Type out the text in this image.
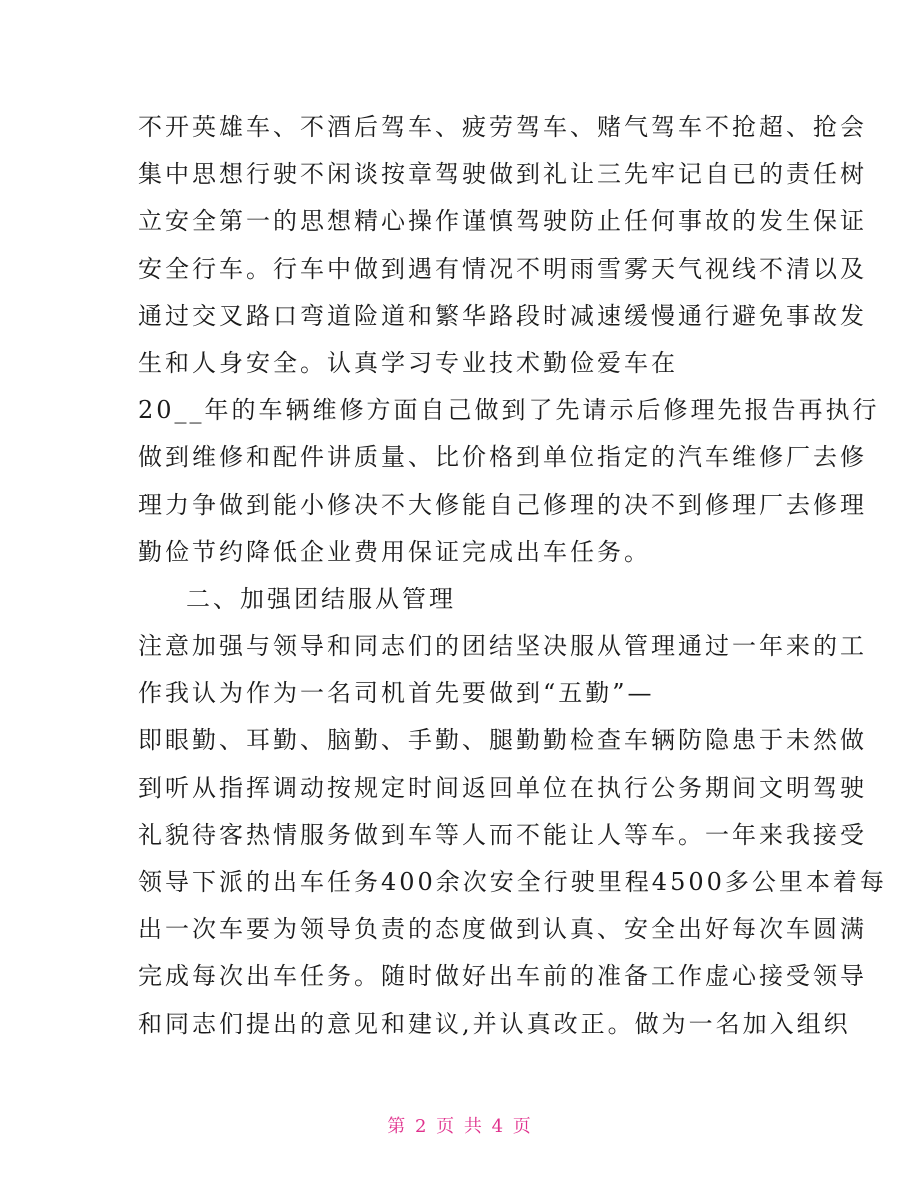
不开英雄车、不酒后驾车、疲劳驾车、赌气驾车不抢超、抢会
集中思想行驶不闲谈按章驾驶做到礼让三先牢记自已的责任树
立安全第一的思想精心操作谨慎驾驶防止任何事故的发生保证
安全行车。行车中做到遇有情况不明雨雪雾天气视线不清以及
通过交叉路口弯道险道和繁华路段时减速缓慢通行避免事故发
生和人身安全。认真学习专业技术勤俭爱车在
20__年的车辆维修方面自己做到了先请示后修理先报告再执行
做到维修和配件讲质量、比价格到单位指定的汽车维修厂去修
理力争做到能小修决不大修能自己修理的决不到修理厂去修理
勤俭节约降低企业费用保证完成出车任务。
二、加强团结服从管理
注意加强与领导和同志们的团结坚决服从管理通过一年来的工
作我认为作为一名司机首先要做到“五勤”—
即眼勤、耳勤、脑勤、手勤、腿勤勤检查车辆防隐患于未然做
到听从指挥调动按规定时间返回单位在执行公务期间文明驾驶
礼貌待客热情服务做到车等人而不能让人等车。一年来我接受
领导下派的出车任务400余次安全行驶里程4500多公里本着每
出一次车要为领导负责的态度做到认真、安全出好每次车圆满
完成每次出车任务。随时做好出车前的准备工作虚心接受领导
和同志们提出的意见和建议,并认真改正。做为一名加入组织
第 2 页 共 4 页
